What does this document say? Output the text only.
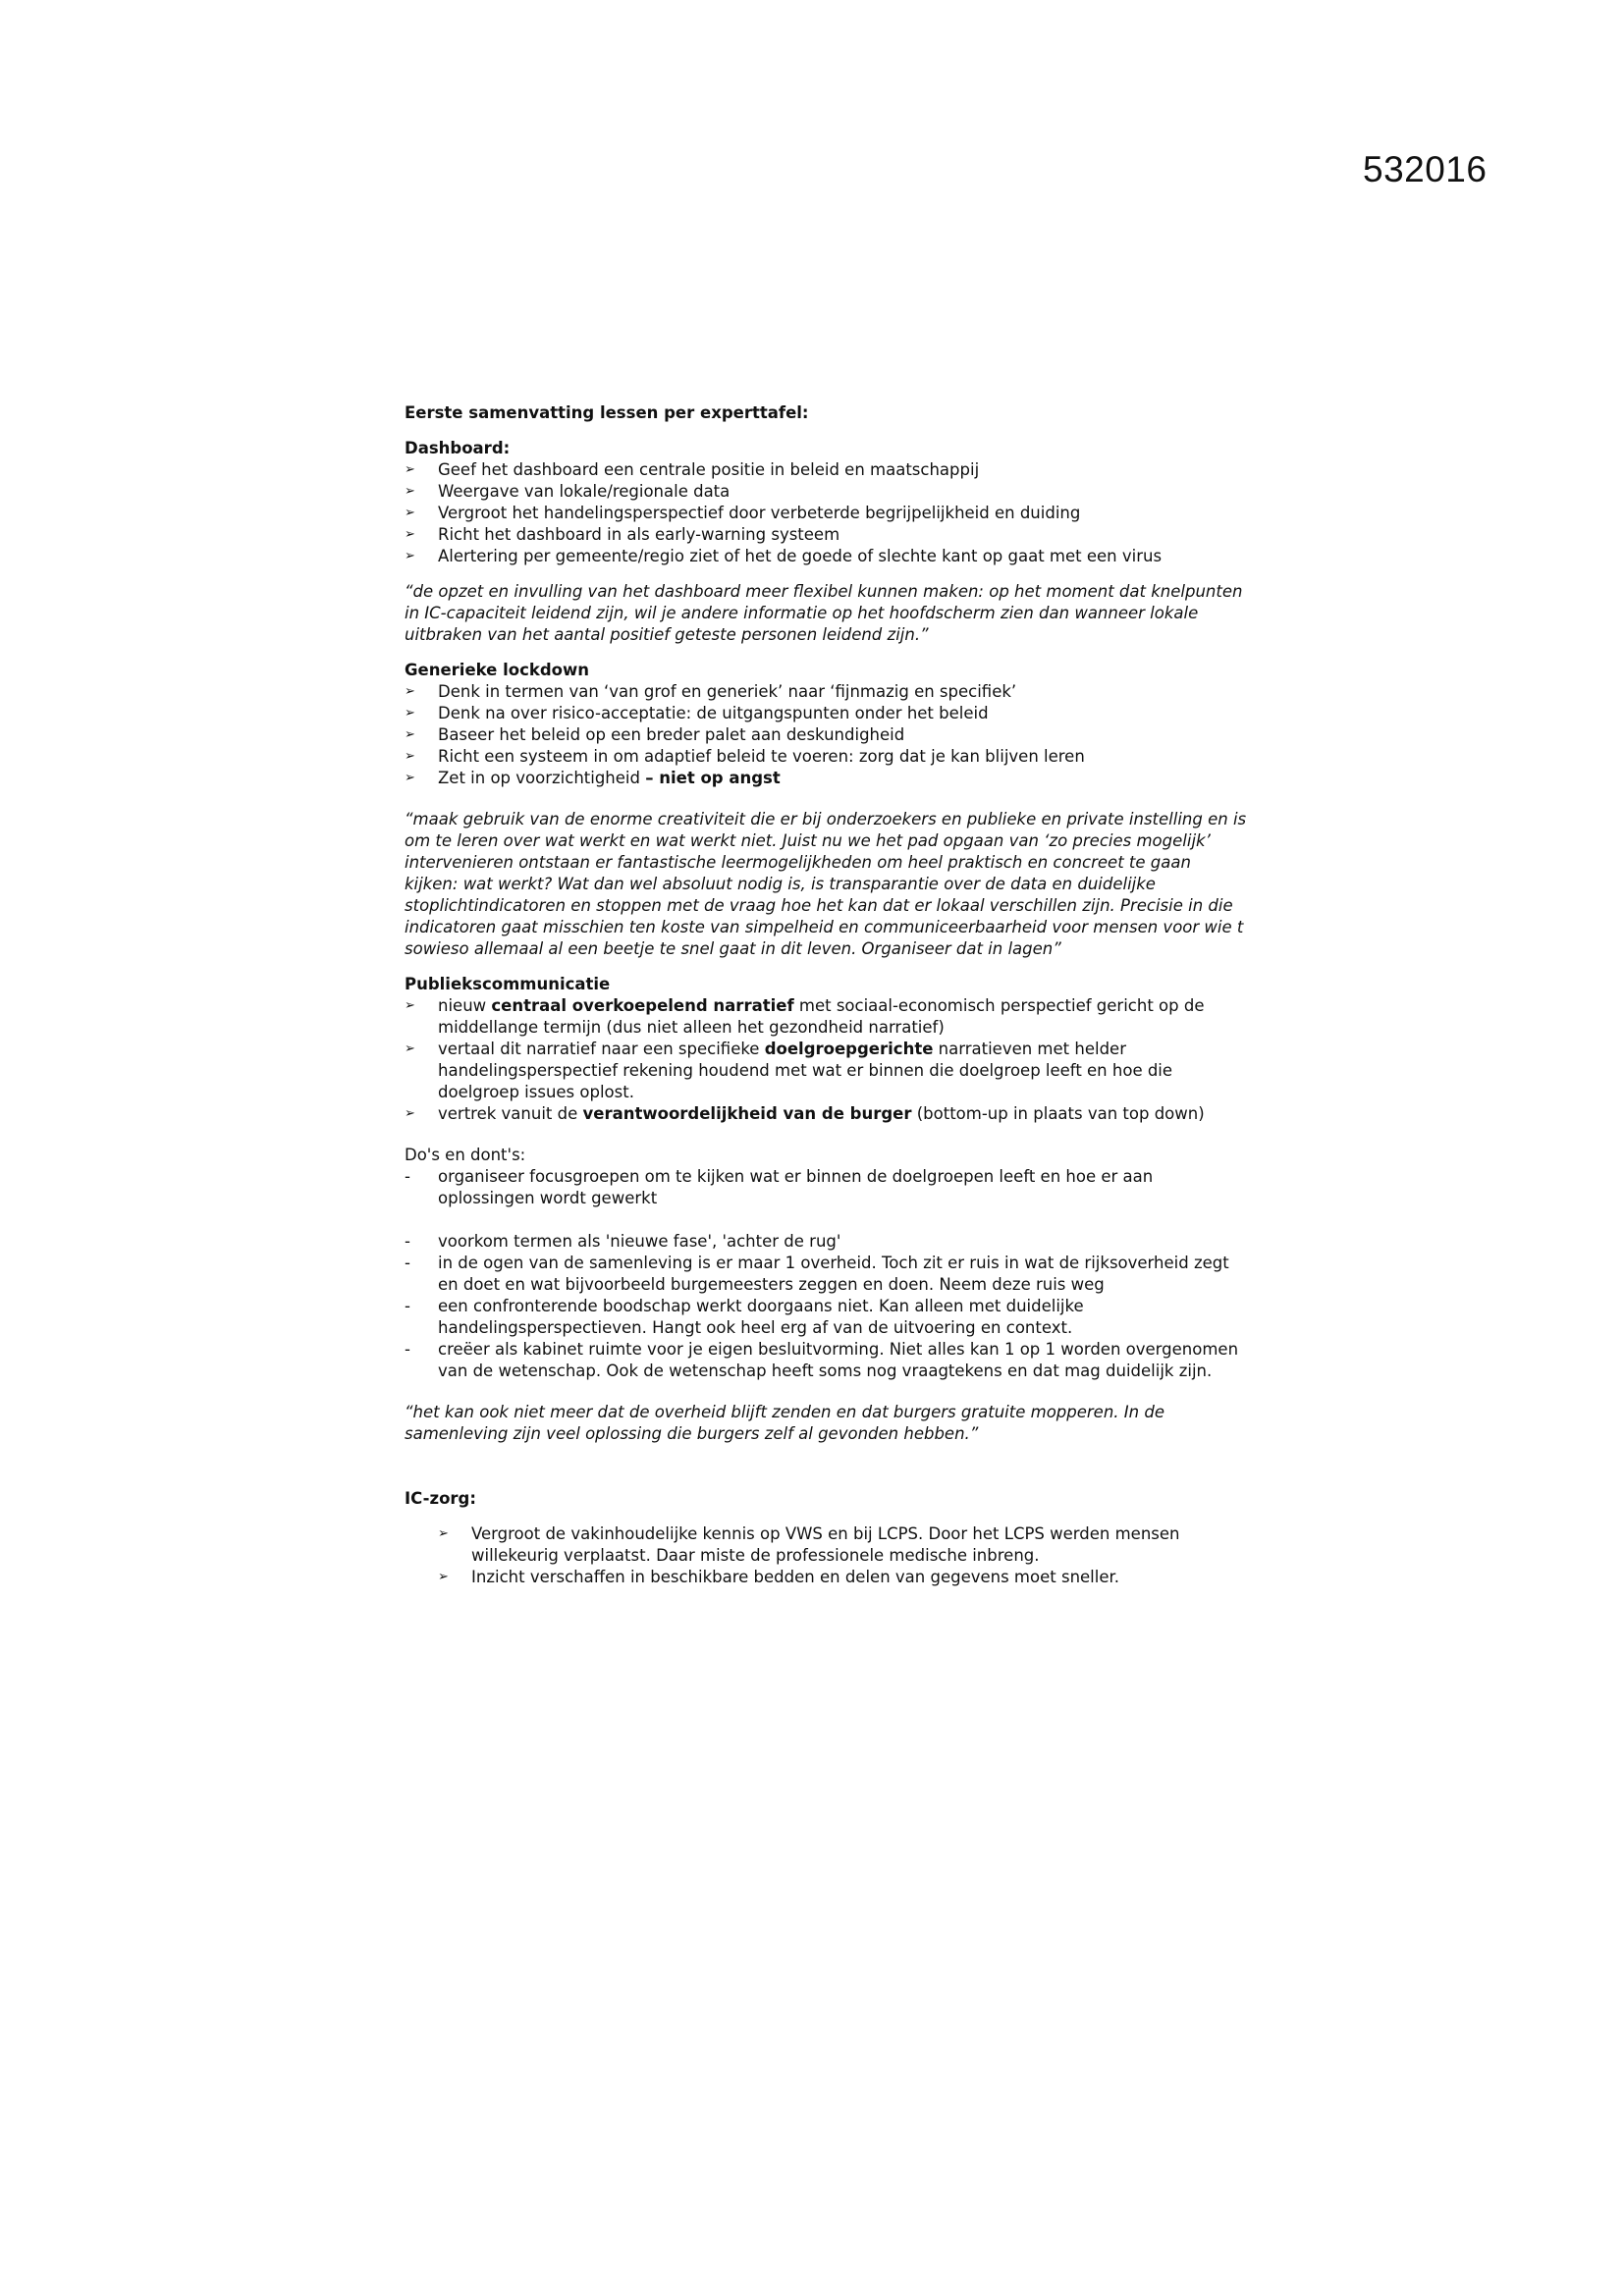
532016

Eerste samenvatting lessen per experttafel:

Dashboard:

➢ Geef het dashboard een centrale positie in beleid en maatschappij
➢ Weergave van lokale/regionale data
➢ Vergroot het handelingsperspectief door verbeterde begrijpelijkheid en duiding
➢ Richt het dashboard in als early-warning systeem
➢ Alertering per gemeente/regio ziet of het de goede of slechte kant op gaat met een virus

“de opzet en invulling van het dashboard meer flexibel kunnen maken: op het moment dat knelpunten in IC-capaciteit leidend zijn, wil je andere informatie op het hoofdscherm zien dan wanneer lokale uitbraken van het aantal positief geteste personen leidend zijn.”

Generieke lockdown

➢ Denk in termen van ‘van grof en generiek’ naar ‘fijnmazig en specifiek’
➢ Denk na over risico-acceptatie: de uitgangspunten onder het beleid
➢ Baseer het beleid op een breder palet aan deskundigheid
➢ Richt een systeem in om adaptief beleid te voeren: zorg dat je kan blijven leren
➢ Zet in op voorzichtigheid – niet op angst

“maak gebruik van de enorme creativiteit die er bij onderzoekers en publieke en private instelling en is om te leren over wat werkt en wat werkt niet. Juist nu we het pad opgaan van ‘zo precies mogelijk’ intervenieren ontstaan er fantastische leermogelijkheden om heel praktisch en concreet te gaan kijken: wat werkt? Wat dan wel absoluut nodig is, is transparantie over de data en duidelijke stoplichtindicatoren en stoppen met de vraag hoe het kan dat er lokaal verschillen zijn. Precisie in die indicatoren gaat misschien ten koste van simpelheid en communiceerbaarheid voor mensen voor wie t sowieso allemaal al een beetje te snel gaat in dit leven. Organiseer dat in lagen”

Publiekscommunicatie

➢ nieuw centraal overkoepelend narratief met sociaal-economisch perspectief gericht op de middellange termijn (dus niet alleen het gezondheid narratief)
➢ vertaal dit narratief naar een specifieke doelgroepgerichte narratieven met helder handelingsperspectief rekening houdend met wat er binnen die doelgroep leeft en hoe die doelgroep issues oplost.
➢ vertrek vanuit de verantwoordelijkheid van de burger (bottom-up in plaats van top down)

Do's en dont's:

- organiseer focusgroepen om te kijken wat er binnen de doelgroepen leeft en hoe er aan oplossingen wordt gewerkt
- voorkom termen als 'nieuwe fase', 'achter de rug'
- in de ogen van de samenleving is er maar 1 overheid. Toch zit er ruis in wat de rijksoverheid zegt en doet en wat bijvoorbeeld burgemeesters zeggen en doen. Neem deze ruis weg
- een confronterende boodschap werkt doorgaans niet. Kan alleen met duidelijke handelingsperspectieven. Hangt ook heel erg af van de uitvoering en context.
- creëer als kabinet ruimte voor je eigen besluitvorming. Niet alles kan 1 op 1 worden overgenomen van de wetenschap. Ook de wetenschap heeft soms nog vraagtekens en dat mag duidelijk zijn.

“het kan ook niet meer dat de overheid blijft zenden en dat burgers gratuite mopperen. In de samenleving zijn veel oplossing die burgers zelf al gevonden hebben.”

IC-zorg:

➢ Vergroot de vakinhoudelijke kennis op VWS en bij LCPS. Door het LCPS werden mensen willekeurig verplaatst. Daar miste de professionele medische inbreng.
➢ Inzicht verschaffen in beschikbare bedden en delen van gegevens moet sneller.
